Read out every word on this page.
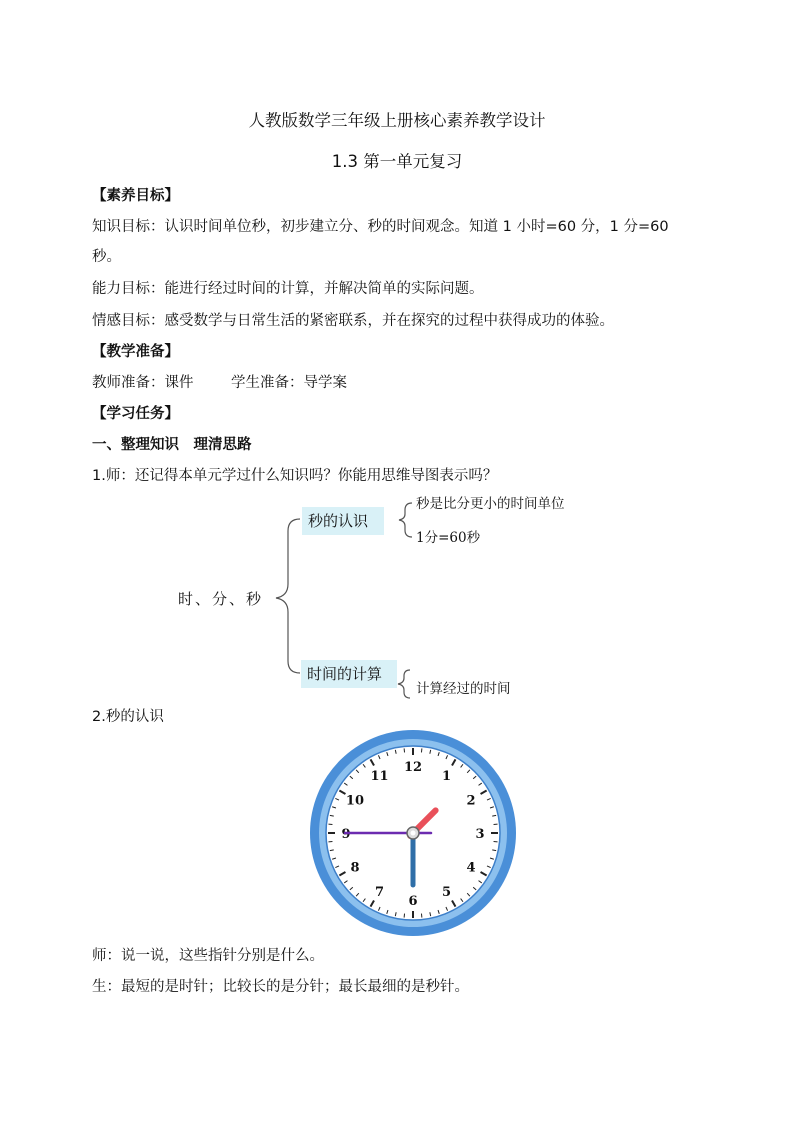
人教版数学三年级上册核心素养教学设计
1.3 第一单元复习
【素养目标】
知识目标：认识时间单位秒，初步建立分、秒的时间观念。知道 1 小时=60 分，1 分=60
秒。
能力目标：能进行经过时间的计算，并解决简单的实际问题。
情感目标：感受数学与日常生活的紧密联系，并在探究的过程中获得成功的体验。
【教学准备】
教师准备：课件	学生准备：导学案
【学习任务】
一、整理知识　理清思路
1.师：还记得本单元学过什么知识吗？你能用思维导图表示吗？
时、分、秒
秒的认识
秒是比分更小的时间单位
1分=60秒
时间的计算
计算经过的时间
2.秒的认识
12
1
2
3
4
5
6
7
8
9
10
11
师：说一说，这些指针分别是什么。
生：最短的是时针；比较长的是分针；最长最细的是秒针。
